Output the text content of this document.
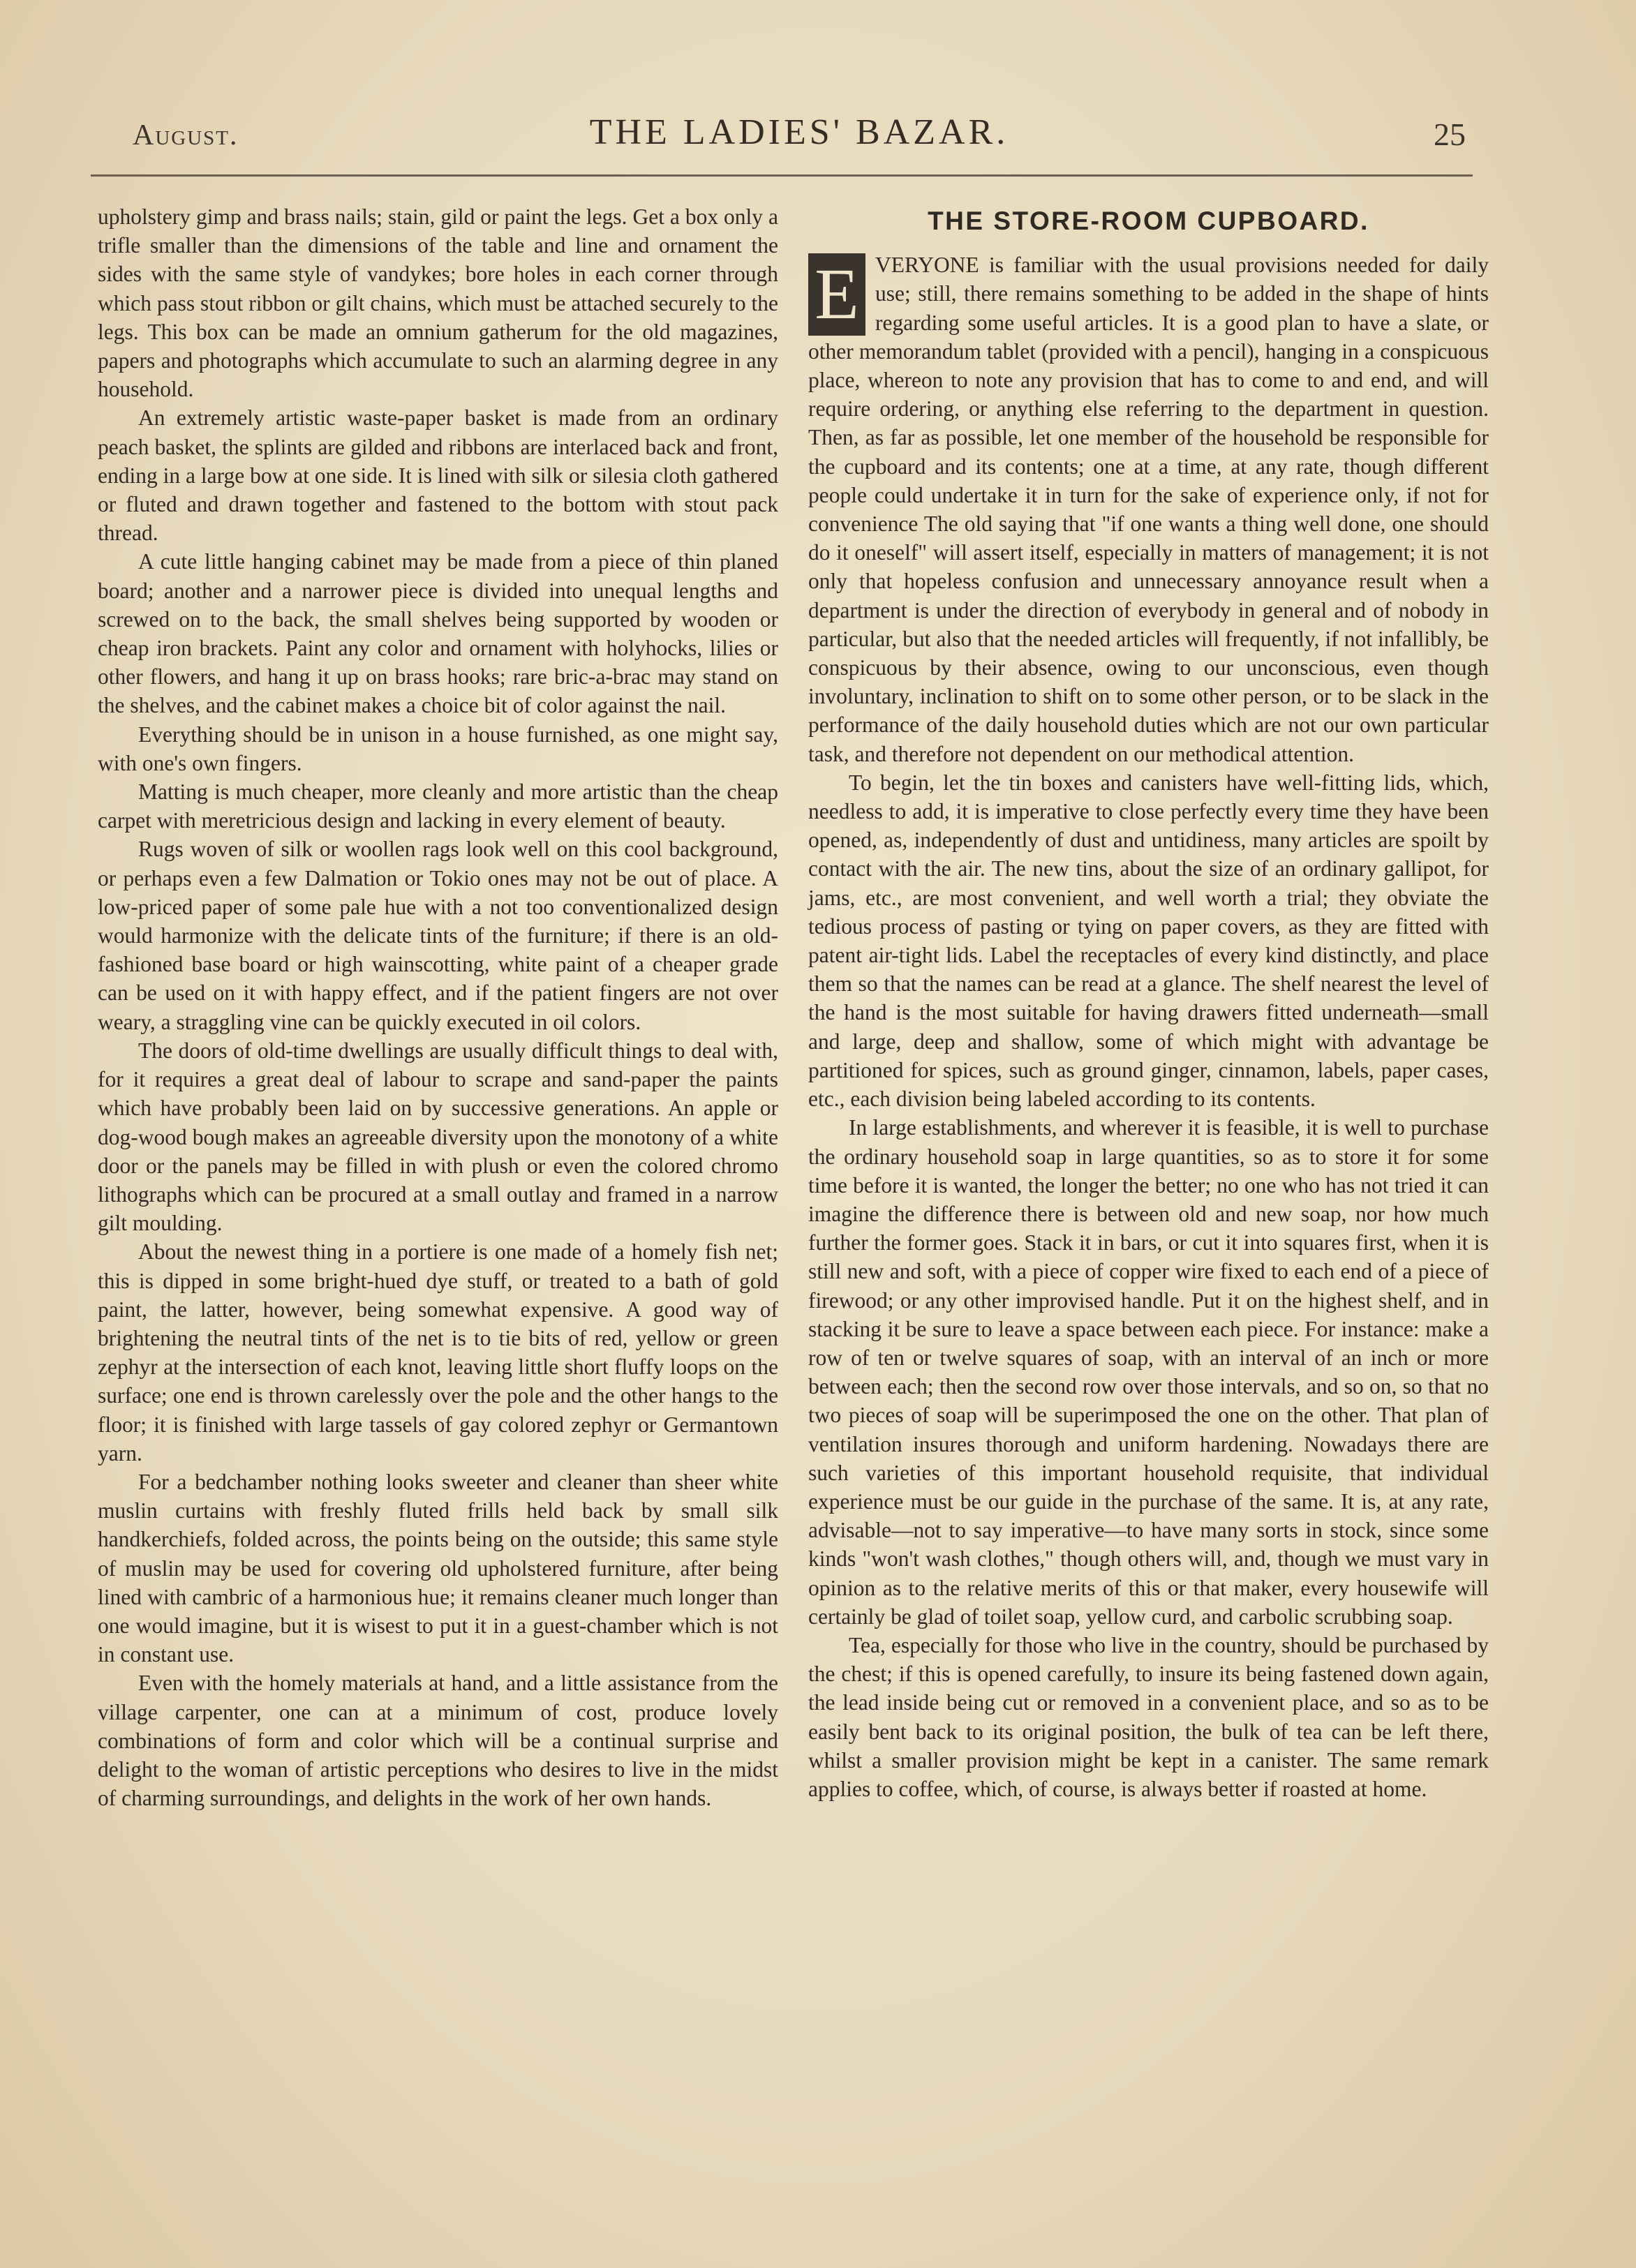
August.	THE LADIES' BAZAR.	25

upholstery gimp and brass nails; stain, gild or paint the legs. Get a box only a trifle smaller than the dimensions of the table and line and ornament the sides with the same style of vandykes; bore holes in each corner through which pass stout ribbon or gilt chains, which must be attached securely to the legs. This box can be made an omnium gatherum for the old magazines, papers and photographs which accumulate to such an alarming degree in any household.

An extremely artistic waste-paper basket is made from an ordinary peach basket, the splints are gilded and ribbons are interlaced back and front, ending in a large bow at one side. It is lined with silk or silesia cloth gathered or fluted and drawn together and fastened to the bottom with stout pack thread.

A cute little hanging cabinet may be made from a piece of thin planed board; another and a narrower piece is divided into unequal lengths and screwed on to the back, the small shelves being supported by wooden or cheap iron brackets. Paint any color and ornament with holyhocks, lilies or other flowers, and hang it up on brass hooks; rare bric-a-brac may stand on the shelves, and the cabinet makes a choice bit of color against the nail.

Everything should be in unison in a house furnished, as one might say, with one's own fingers.

Matting is much cheaper, more cleanly and more artistic than the cheap carpet with meretricious design and lacking in every element of beauty.

Rugs woven of silk or woollen rags look well on this cool background, or perhaps even a few Dalmation or Tokio ones may not be out of place. A low-priced paper of some pale hue with a not too conventionalized design would harmonize with the delicate tints of the furniture; if there is an old-fashioned base board or high wainscotting, white paint of a cheaper grade can be used on it with happy effect, and if the patient fingers are not over weary, a straggling vine can be quickly executed in oil colors.

The doors of old-time dwellings are usually difficult things to deal with, for it requires a great deal of labour to scrape and sand-paper the paints which have probably been laid on by successive generations. An apple or dog-wood bough makes an agreeable diversity upon the monotony of a white door or the panels may be filled in with plush or even the colored chromo lithographs which can be procured at a small outlay and framed in a narrow gilt moulding.

About the newest thing in a portiere is one made of a homely fish net; this is dipped in some bright-hued dye stuff, or treated to a bath of gold paint, the latter, however, being somewhat expensive. A good way of brightening the neutral tints of the net is to tie bits of red, yellow or green zephyr at the intersection of each knot, leaving little short fluffy loops on the surface; one end is thrown carelessly over the pole and the other hangs to the floor; it is finished with large tassels of gay colored zephyr or Germantown yarn.

For a bedchamber nothing looks sweeter and cleaner than sheer white muslin curtains with freshly fluted frills held back by small silk handkerchiefs, folded across, the points being on the outside; this same style of muslin may be used for covering old upholstered furniture, after being lined with cambric of a harmonious hue; it remains cleaner much longer than one would imagine, but it is wisest to put it in a guest-chamber which is not in constant use.

Even with the homely materials at hand, and a little assistance from the village carpenter, one can at a minimum of cost, produce lovely combinations of form and color which will be a continual surprise and delight to the woman of artistic perceptions who desires to live in the midst of charming surroundings, and delights in the work of her own hands.

THE STORE-ROOM CUPBOARD.

E VERYONE is familiar with the usual provisions needed for daily use; still, there remains something to be added in the shape of hints regarding some useful articles. It is a good plan to have a slate, or other memorandum tablet (provided with a pencil), hanging in a conspicuous place, whereon to note any provision that has to come to and end, and will require ordering, or anything else referring to the department in question. Then, as far as possible, let one member of the household be responsible for the cupboard and its contents; one at a time, at any rate, though different people could undertake it in turn for the sake of experience only, if not for convenience The old saying that "if one wants a thing well done, one should do it oneself" will assert itself, especially in matters of management; it is not only that hopeless confusion and unnecessary annoyance result when a department is under the direction of everybody in general and of nobody in particular, but also that the needed articles will frequently, if not infallibly, be conspicuous by their absence, owing to our unconscious, even though involuntary, inclination to shift on to some other person, or to be slack in the performance of the daily household duties which are not our own particular task, and therefore not dependent on our methodical attention.

To begin, let the tin boxes and canisters have well-fitting lids, which, needless to add, it is imperative to close perfectly every time they have been opened, as, independently of dust and untidiness, many articles are spoilt by contact with the air. The new tins, about the size of an ordinary gallipot, for jams, etc., are most convenient, and well worth a trial; they obviate the tedious process of pasting or tying on paper covers, as they are fitted with patent air-tight lids. Label the receptacles of every kind distinctly, and place them so that the names can be read at a glance. The shelf nearest the level of the hand is the most suitable for having drawers fitted underneath—small and large, deep and shallow, some of which might with advantage be partitioned for spices, such as ground ginger, cinnamon, labels, paper cases, etc., each division being labeled according to its contents.

In large establishments, and wherever it is feasible, it is well to purchase the ordinary household soap in large quantities, so as to store it for some time before it is wanted, the longer the better; no one who has not tried it can imagine the difference there is between old and new soap, nor how much further the former goes. Stack it in bars, or cut it into squares first, when it is still new and soft, with a piece of copper wire fixed to each end of a piece of firewood; or any other improvised handle. Put it on the highest shelf, and in stacking it be sure to leave a space between each piece. For instance: make a row of ten or twelve squares of soap, with an interval of an inch or more between each; then the second row over those intervals, and so on, so that no two pieces of soap will be superimposed the one on the other. That plan of ventilation insures thorough and uniform hardening. Nowadays there are such varieties of this important household requisite, that individual experience must be our guide in the purchase of the same. It is, at any rate, advisable—not to say imperative—to have many sorts in stock, since some kinds "won't wash clothes," though others will, and, though we must vary in opinion as to the relative merits of this or that maker, every housewife will certainly be glad of toilet soap, yellow curd, and carbolic scrubbing soap.

Tea, especially for those who live in the country, should be purchased by the chest; if this is opened carefully, to insure its being fastened down again, the lead inside being cut or removed in a convenient place, and so as to be easily bent back to its original position, the bulk of tea can be left there, whilst a smaller provision might be kept in a canister. The same remark applies to coffee, which, of course, is always better if roasted at home.
